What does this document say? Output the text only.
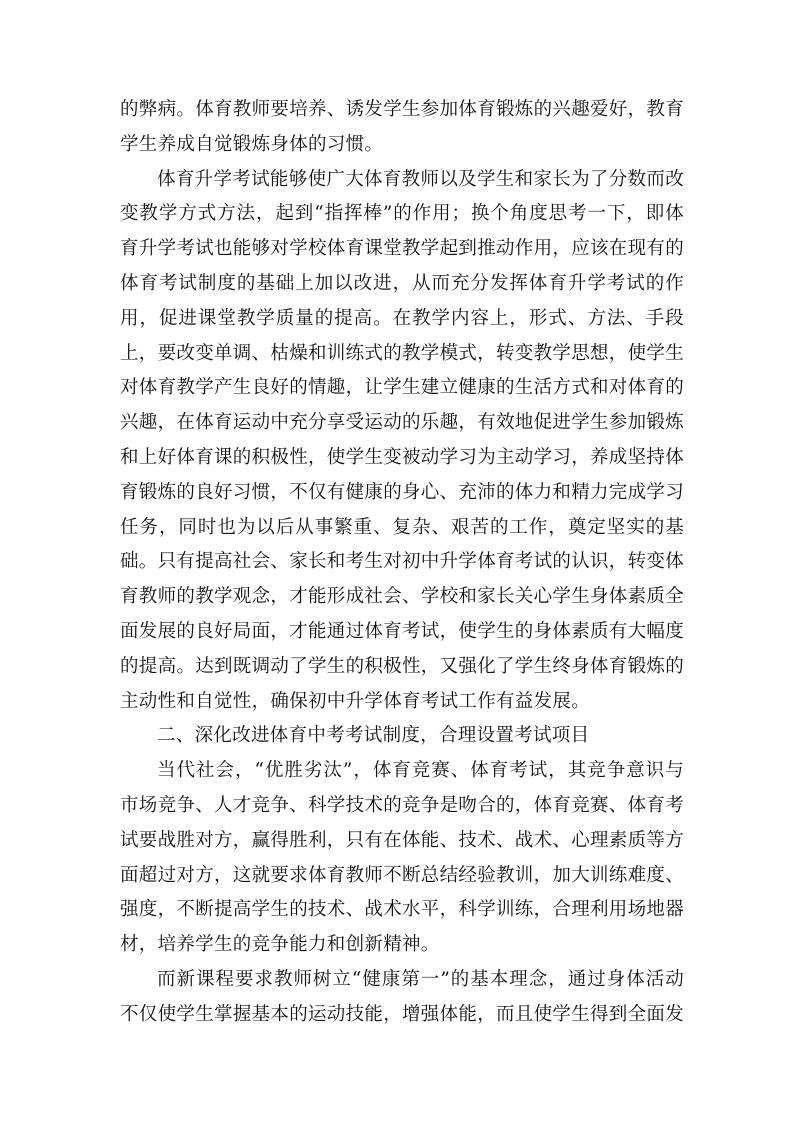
的弊病。体育教师要培养、诱发学生参加体育锻炼的兴趣爱好，教育学生养成自觉锻炼身体的习惯。

体育升学考试能够使广大体育教师以及学生和家长为了分数而改变教学方式方法，起到“指挥棒”的作用；换个角度思考一下，即体育升学考试也能够对学校体育课堂教学起到推动作用，应该在现有的体育考试制度的基础上加以改进，从而充分发挥体育升学考试的作用，促进课堂教学质量的提高。在教学内容上，形式、方法、手段上，要改变单调、枯燥和训练式的教学模式，转变教学思想，使学生对体育教学产生良好的情趣，让学生建立健康的生活方式和对体育的兴趣，在体育运动中充分享受运动的乐趣，有效地促进学生参加锻炼和上好体育课的积极性，使学生变被动学习为主动学习，养成坚持体育锻炼的良好习惯，不仅有健康的身心、充沛的体力和精力完成学习任务，同时也为以后从事繁重、复杂、艰苦的工作，奠定坚实的基础。只有提高社会、家长和考生对初中升学体育考试的认识，转变体育教师的教学观念，才能形成社会、学校和家长关心学生身体素质全面发展的良好局面，才能通过体育考试，使学生的身体素质有大幅度的提高。达到既调动了学生的积极性，又强化了学生终身体育锻炼的主动性和自觉性，确保初中升学体育考试工作有益发展。

二、深化改进体育中考考试制度，合理设置考试项目

当代社会，“优胜劣汰”，体育竞赛、体育考试，其竞争意识与市场竞争、人才竞争、科学技术的竞争是吻合的，体育竞赛、体育考试要战胜对方，赢得胜利，只有在体能、技术、战术、心理素质等方面超过对方，这就要求体育教师不断总结经验教训，加大训练难度、强度，不断提高学生的技术、战术水平，科学训练，合理利用场地器材，培养学生的竞争能力和创新精神。

而新课程要求教师树立“健康第一”的基本理念，通过身体活动不仅使学生掌握基本的运动技能，增强体能，而且使学生得到全面发
